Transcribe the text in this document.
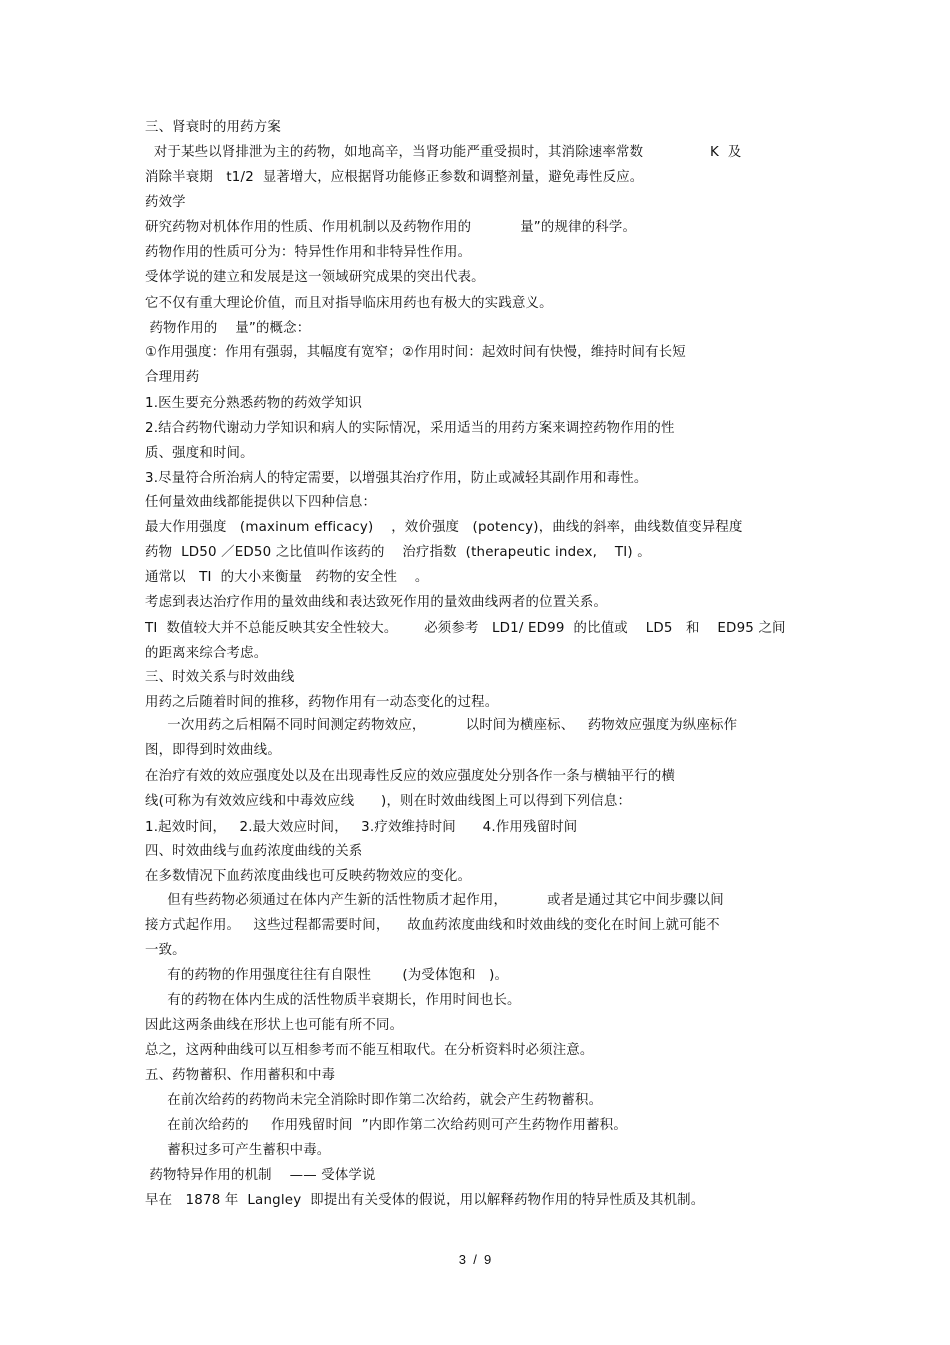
三、肾衰时的用药方案
对于某些以肾排泄为主的药物，如地高辛，当肾功能严重受损时，其消除速率常数               K  及
消除半衰期   t1/2  显著增大，应根据肾功能修正参数和调整剂量，避免毒性反应。
药效学
研究药物对机体作用的性质、作用机制以及药物作用的           量”的规律的科学。
药物作用的性质可分为：特异性作用和非特异性作用。
受体学说的建立和发展是这一领域研究成果的突出代表。
它不仅有重大理论价值，而且对指导临床用药也有极大的实践意义。
药物作用的    量”的概念：
①作用强度：作用有强弱，其幅度有宽窄；②作用时间：起效时间有快慢，维持时间有长短
合理用药
1.医生要充分熟悉药物的药效学知识
2.结合药物代谢动力学知识和病人的实际情况，采用适当的用药方案来调控药物作用的性
质、强度和时间。
3.尽量符合所治病人的特定需要，以增强其治疗作用，防止或减轻其副作用和毒性。
任何量效曲线都能提供以下四种信息：
最大作用强度   (maxinum efficacy)    ，效价强度   (potency)，曲线的斜率，曲线数值变异程度
药物  LD50 ／ED50 之比值叫作该药的    治疗指数  (therapeutic index,    TI) 。
通常以   TI  的大小来衡量   药物的安全性    。
考虑到表达治疗作用的量效曲线和表达致死作用的量效曲线两者的位置关系。
TI  数值较大并不总能反映其安全性较大。      必须参考   LD1/ ED99  的比值或    LD5   和    ED95 之间
的距离来综合考虑。
三、时效关系与时效曲线
用药之后随着时间的推移，药物作用有一动态变化的过程。
一次用药之后相隔不同时间测定药物效应，         以时间为横座标、   药物效应强度为纵座标作
图，即得到时效曲线。
在治疗有效的效应强度处以及在出现毒性反应的效应强度处分别各作一条与横轴平行的横
线(可称为有效效应线和中毒效应线      )，则在时效曲线图上可以得到下列信息：
1.起效时间，   2.最大效应时间，   3.疗效维持时间      4.作用残留时间
四、时效曲线与血药浓度曲线的关系
在多数情况下血药浓度曲线也可反映药物效应的变化。
但有些药物必须通过在体内产生新的活性物质才起作用，         或者是通过其它中间步骤以间
接方式起作用。   这些过程都需要时间，    故血药浓度曲线和时效曲线的变化在时间上就可能不
一致。
有的药物的作用强度往往有自限性       (为受体饱和   )。
有的药物在体内生成的活性物质半衰期长，作用时间也长。
因此这两条曲线在形状上也可能有所不同。
总之，这两种曲线可以互相参考而不能互相取代。在分析资料时必须注意。
五、药物蓄积、作用蓄积和中毒
在前次给药的药物尚未完全消除时即作第二次给药，就会产生药物蓄积。
在前次给药的     作用残留时间  ”内即作第二次给药则可产生药物作用蓄积。
蓄积过多可产生蓄积中毒。
药物特异作用的机制    —— 受体学说
早在   1878 年  Langley  即提出有关受体的假说，用以解释药物作用的特异性质及其机制。
3  /  9
